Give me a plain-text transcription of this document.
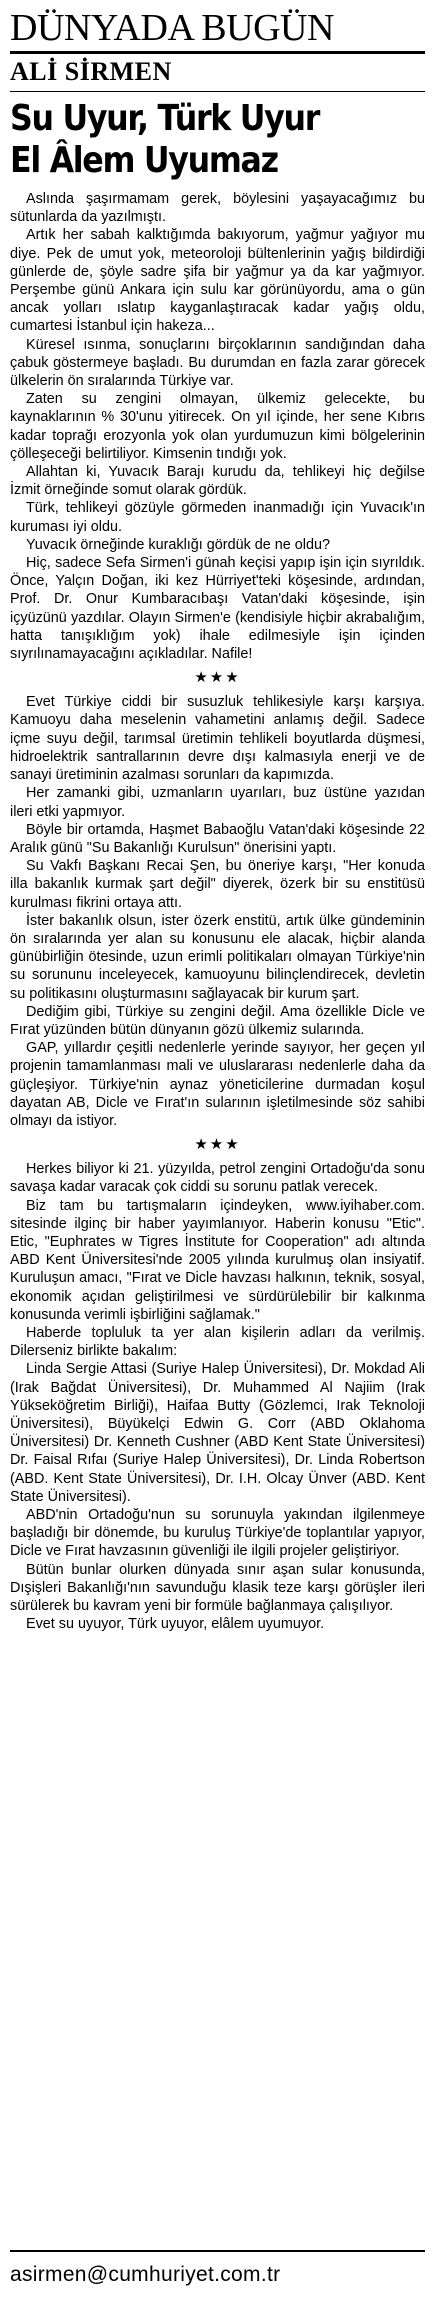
DÜNYADA BUGÜN
ALİ SİRMEN
Su Uyur, Türk Uyur
El Âlem Uyumaz

Aslında şaşırmamam gerek, böylesini yaşayacağımız bu sütunlarda da yazılmıştı.

Artık her sabah kalktığımda bakıyorum, yağmur yağıyor mu diye. Pek de umut yok, meteoroloji bültenlerinin yağış bildirdiği günlerde de, şöyle sadre şifa bir yağmur ya da kar yağmıyor. Perşembe günü Ankara için sulu kar görünüyordu, ama o gün ancak yolları ıslatıp kayganlaştıracak kadar yağış oldu, cumartesi İstanbul için hakeza...

Küresel ısınma, sonuçlarını birçoklarının sandığından daha çabuk göstermeye başladı. Bu durumdan en fazla zarar görecek ülkelerin ön sıralarında Türkiye var.

Zaten su zengini olmayan, ülkemiz gelecekte, bu kaynaklarının % 30'unu yitirecek. On yıl içinde, her sene Kıbrıs kadar toprağı erozyonla yok olan yurdumuzun kimi bölgelerinin çölleşeceği belirtiliyor. Kimsenin tındığı yok.

Allahtan ki, Yuvacık Barajı kurudu da, tehlikeyi hiç değilse İzmit örneğinde somut olarak gördük.

Türk, tehlikeyi gözüyle görmeden inanmadığı için Yuvacık'ın kuruması iyi oldu.

Yuvacık örneğinde kuraklığı gördük de ne oldu?

Hiç, sadece Sefa Sirmen'i günah keçisi yapıp işin için sıyrıldık. Önce, Yalçın Doğan, iki kez Hürriyet'teki köşesinde, ardından, Prof. Dr. Onur Kumbaracıbaşı Vatan'daki köşesinde, işin içyüzünü yazdılar. Olayın Sirmen'e (kendisiyle hiçbir akrabalığım, hatta tanışıklığım yok) ihale edilmesiyle işin içinden sıyrılınamayacağını açıkladılar. Nafile!

★★★

Evet Türkiye ciddi bir susuzluk tehlikesiyle karşı karşıya. Kamuoyu daha meselenin vahametini anlamış değil. Sadece içme suyu değil, tarımsal üretimin tehlikeli boyutlarda düşmesi, hidroelektrik santrallarının devre dışı kalmasıyla enerji ve de sanayi üretiminin azalması sorunları da kapımızda.

Her zamanki gibi, uzmanların uyarıları, buz üstüne yazıdan ileri etki yapmıyor.

Böyle bir ortamda, Haşmet Babaoğlu Vatan'daki köşesinde 22 Aralık günü "Su Bakanlığı Kurulsun" önerisini yaptı.

Su Vakfı Başkanı Recai Şen, bu öneriye karşı, "Her konuda illa bakanlık kurmak şart değil" diyerek, özerk bir su enstitüsü kurulması fikrini ortaya attı.

İster bakanlık olsun, ister özerk enstitü, artık ülke gündeminin ön sıralarında yer alan su konusunu ele alacak, hiçbir alanda günübirliğin ötesinde, uzun erimli politikaları olmayan Türkiye'nin su sorununu inceleyecek, kamuoyunu bilinçlendirecek, devletin su politikasını oluşturmasını sağlayacak bir kurum şart.

Dediğim gibi, Türkiye su zengini değil. Ama özellikle Dicle ve Fırat yüzünden bütün dünyanın gözü ülkemiz sularında.

GAP, yıllardır çeşitli nedenlerle yerinde sayıyor, her geçen yıl projenin tamamlanması mali ve uluslararası nedenlerle daha da güçleşiyor. Türkiye'nin aynaz yöneticilerine durmadan koşul dayatan AB, Dicle ve Fırat'ın sularının işletilmesinde söz sahibi olmayı da istiyor.

★★★

Herkes biliyor ki 21. yüzyılda, petrol zengini Ortadoğu'da sonu savaşa kadar varacak çok ciddi su sorunu patlak verecek.

Biz tam bu tartışmaların içindeyken, www.iyihaber.com. sitesinde ilginç bir haber yayımlanıyor. Haberin konusu "Etic". Etic, "Euphrates w Tigres İnstitute for Cooperation" adı altında ABD Kent Üniversitesi'nde 2005 yılında kurulmuş olan insiyatif. Kuruluşun amacı, "Fırat ve Dicle havzası halkının, teknik, sosyal, ekonomik açıdan geliştirilmesi ve sürdürülebilir bir kalkınma konusunda verimli işbirliğini sağlamak."

Haberde topluluk ta yer alan kişilerin adları da verilmiş. Dilerseniz birlikte bakalım:

Linda Sergie Attasi (Suriye Halep Üniversitesi), Dr. Mokdad Ali (Irak Bağdat Üniversitesi), Dr. Muhammed Al Najiim (Irak Yükseköğretim Birliği), Haifaa Butty (Gözlemci, Irak Teknoloji Üniversitesi), Büyükelçi Edwin G. Corr (ABD Oklahoma Üniversitesi) Dr. Kenneth Cushner (ABD Kent State Üniversitesi) Dr. Faisal Rıfaı (Suriye Halep Üniversitesi), Dr. Linda Robertson (ABD. Kent State Üniversitesi), Dr. I.H. Olcay Ünver (ABD. Kent State Üniversitesi).

ABD'nin Ortadoğu'nun su sorunuyla yakından ilgilenmeye başladığı bir dönemde, bu kuruluş Türkiye'de toplantılar yapıyor, Dicle ve Fırat havzasının güvenliği ile ilgili projeler geliştiriyor.

Bütün bunlar olurken dünyada sınır aşan sular konusunda, Dışişleri Bakanlığı'nın savunduğu klasik teze karşı görüşler ileri sürülerek bu kavram yeni bir formüle bağlanmaya çalışılıyor.

Evet su uyuyor, Türk uyuyor, elâlem uyumuyor.

asirmen@cumhuriyet.com.tr
